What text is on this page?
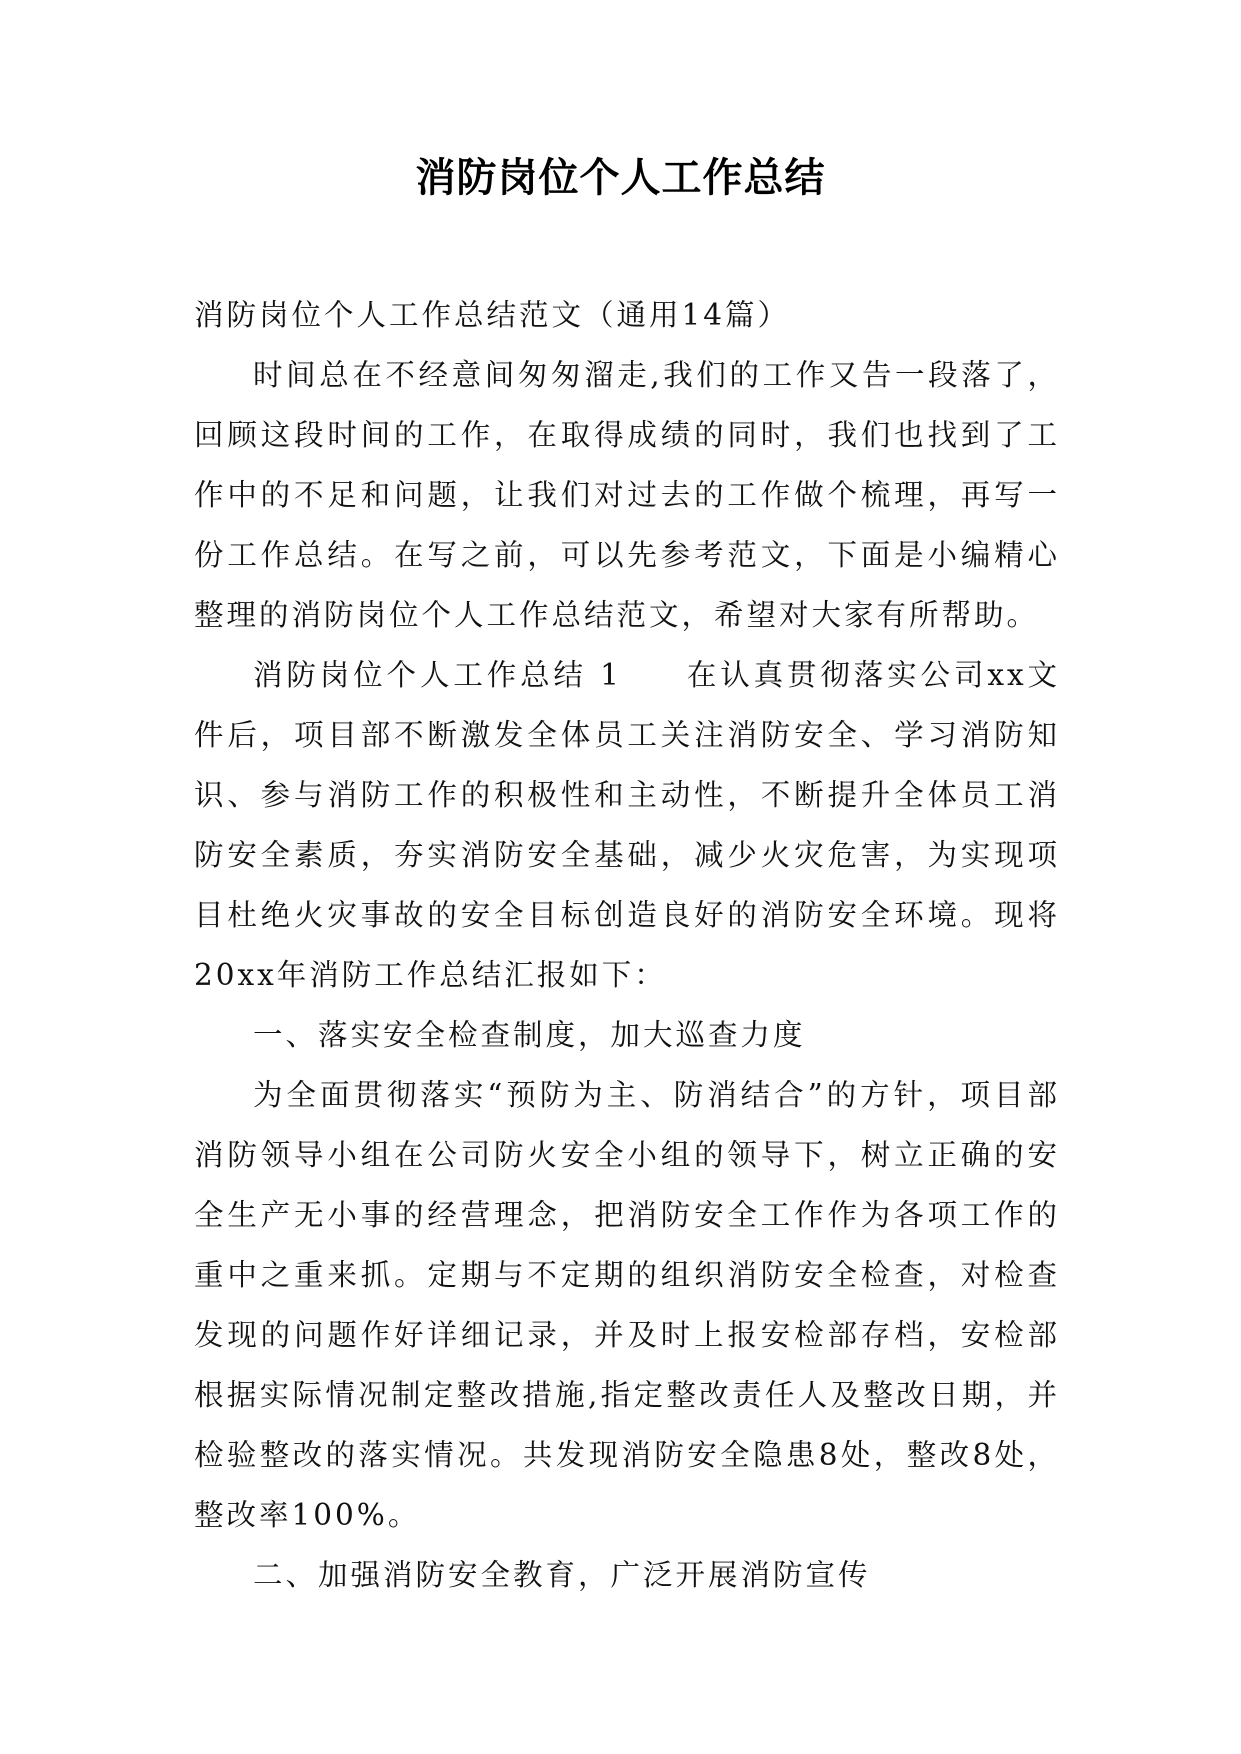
消防岗位个人工作总结

消防岗位个人工作总结范文（通用14篇）

时间总在不经意间匆匆溜走,我们的工作又告一段落了，回顾这段时间的工作，在取得成绩的同时，我们也找到了工作中的不足和问题，让我们对过去的工作做个梳理，再写一份工作总结。在写之前，可以先参考范文，下面是小编精心整理的消防岗位个人工作总结范文，希望对大家有所帮助。

消防岗位个人工作总结 1 在认真贯彻落实公司xx文件后，项目部不断激发全体员工关注消防安全、学习消防知识、参与消防工作的积极性和主动性，不断提升全体员工消防安全素质，夯实消防安全基础，减少火灾危害，为实现项目杜绝火灾事故的安全目标创造良好的消防安全环境。现将20xx年消防工作总结汇报如下：

一、落实安全检查制度，加大巡查力度

为全面贯彻落实“预防为主、防消结合”的方针，项目部消防领导小组在公司防火安全小组的领导下，树立正确的安全生产无小事的经营理念，把消防安全工作作为各项工作的重中之重来抓。定期与不定期的组织消防安全检查，对检查发现的问题作好详细记录，并及时上报安检部存档，安检部根据实际情况制定整改措施,指定整改责任人及整改日期，并检验整改的落实情况。共发现消防安全隐患8处，整改8处，整改率100%。

二、加强消防安全教育，广泛开展消防宣传
